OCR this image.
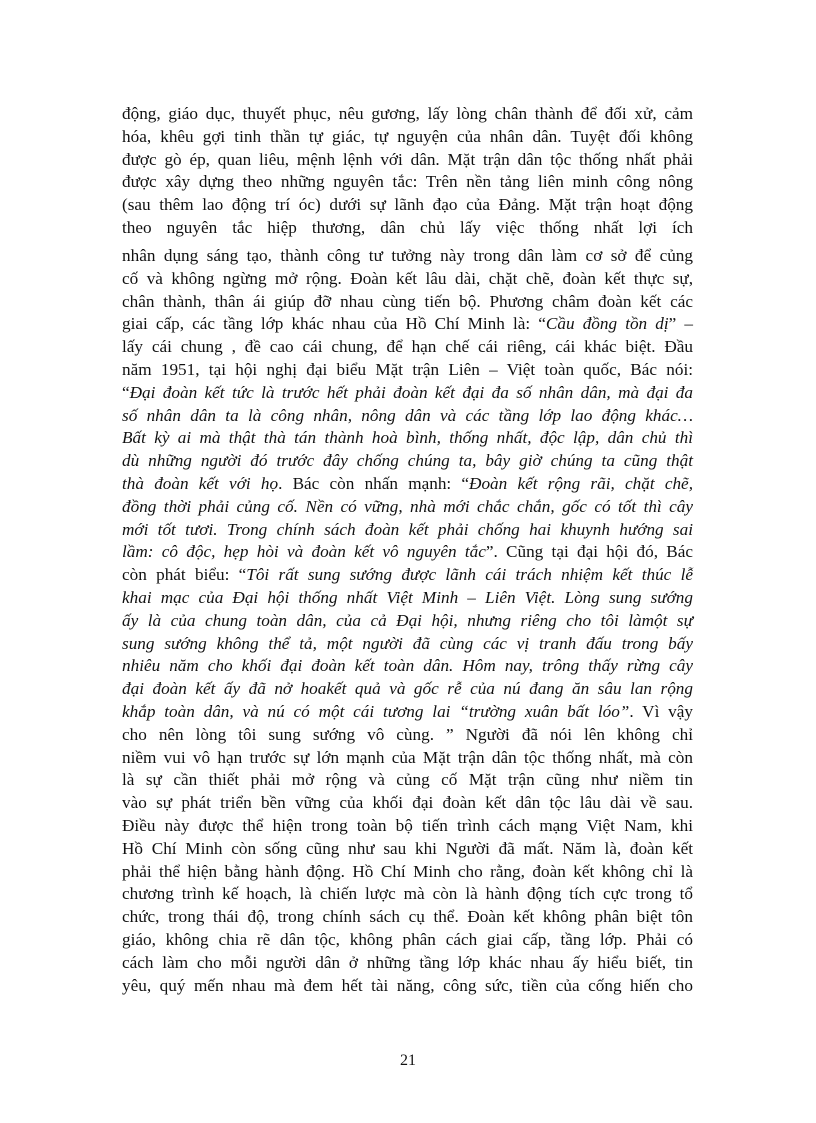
động, giáo dục, thuyết phục, nêu gương, lấy lòng chân thành để đối xử, cảm
hóa, khêu gợi tinh thần tự giác, tự nguyện của nhân dân. Tuyệt đối không
được gò ép, quan liêu, mệnh lệnh với dân. Mặt trận dân tộc thống nhất phải
được xây dựng theo những nguyên tắc: Trên nền tảng liên minh công nông
(sau thêm lao động trí óc) dưới sự lãnh đạo của Đảng. Mặt trận hoạt động
theo nguyên tắc hiệp thương, dân chủ lấy việc thống nhất lợi ích
nhân dụng sáng tạo, thành công tư tưởng này trong dân làm cơ sở để củng
cố và không ngừng mở rộng. Đoàn kết lâu dài, chặt chẽ, đoàn kết thực sự,
chân thành, thân ái giúp đỡ nhau cùng tiến bộ. Phương châm đoàn kết các
giai cấp, các tầng lớp khác nhau của Hồ Chí Minh là: “Cầu đồng tồn dị” –
lấy cái chung , đề cao cái chung, để hạn chế cái riêng, cái khác biệt. Đầu
năm 1951, tại hội nghị đại biểu Mặt trận Liên – Việt toàn quốc, Bác nói:
“Đại đoàn kết tức là trước hết phải đoàn kết đại đa số nhân dân, mà đại đa
số nhân dân ta là công nhân, nông dân và các tầng lớp lao động khác…
Bất kỳ ai mà thật thà tán thành hoà bình, thống nhất, độc lập, dân chủ thì
dù những người đó trước đây chống chúng ta, bây giờ chúng ta cũng thật
thà đoàn kết với họ. Bác còn nhấn mạnh: “Đoàn kết rộng rãi, chặt chẽ,
đồng thời phải củng cố. Nền có vững, nhà mới chắc chắn, gốc có tốt thì cây
mới tốt tươi. Trong chính sách đoàn kết phải chống hai khuynh hướng sai
lầm: cô độc, hẹp hòi và đoàn kết vô nguyên tắc”. Cũng tại đại hội đó, Bác
còn phát biểu: “Tôi rất sung sướng được lãnh cái trách nhiệm kết thúc lễ
khai mạc của Đại hội thống nhất Việt Minh – Liên Việt. Lòng sung sướng
ấy là của chung toàn dân, của cả Đại hội, nhưng riêng cho tôi làmột sự
sung sướng không thể tả, một người đã cùng các vị tranh đấu trong bấy
nhiêu năm cho khối đại đoàn kết toàn dân. Hôm nay, trông thấy rừng cây
đại đoàn kết ấy đã nở hoakết quả và gốc rễ của nú đang ăn sâu lan rộng
khắp toàn dân, và nú có một cái tương lai “trường xuân bất lóo”. Vì vậy
cho nên lòng tôi sung sướng vô cùng. ” Người đã nói lên không chỉ
niềm vui vô hạn trước sự lớn mạnh của Mặt trận dân tộc thống nhất, mà còn
là sự cần thiết phải mở rộng và củng cố Mặt trận cũng như niềm tin
vào sự phát triển bền vững của khối đại đoàn kết dân tộc lâu dài về sau.
Điều này được thể hiện trong toàn bộ tiến trình cách mạng Việt Nam, khi
Hồ Chí Minh còn sống cũng như sau khi Người đã mất. Năm là, đoàn kết
phải thể hiện bằng hành động. Hồ Chí Minh cho rằng, đoàn kết không chỉ là
chương trình kế hoạch, là chiến lược mà còn là hành động tích cực trong tổ
chức, trong thái độ, trong chính sách cụ thể. Đoàn kết không phân biệt tôn
giáo, không chia rẽ dân tộc, không phân cách giai cấp, tầng lớp. Phải có
cách làm cho mỗi người dân ở những tầng lớp khác nhau ấy hiểu biết, tin
yêu, quý mến nhau mà đem hết tài năng, công sức, tiền của cống hiến cho
21
